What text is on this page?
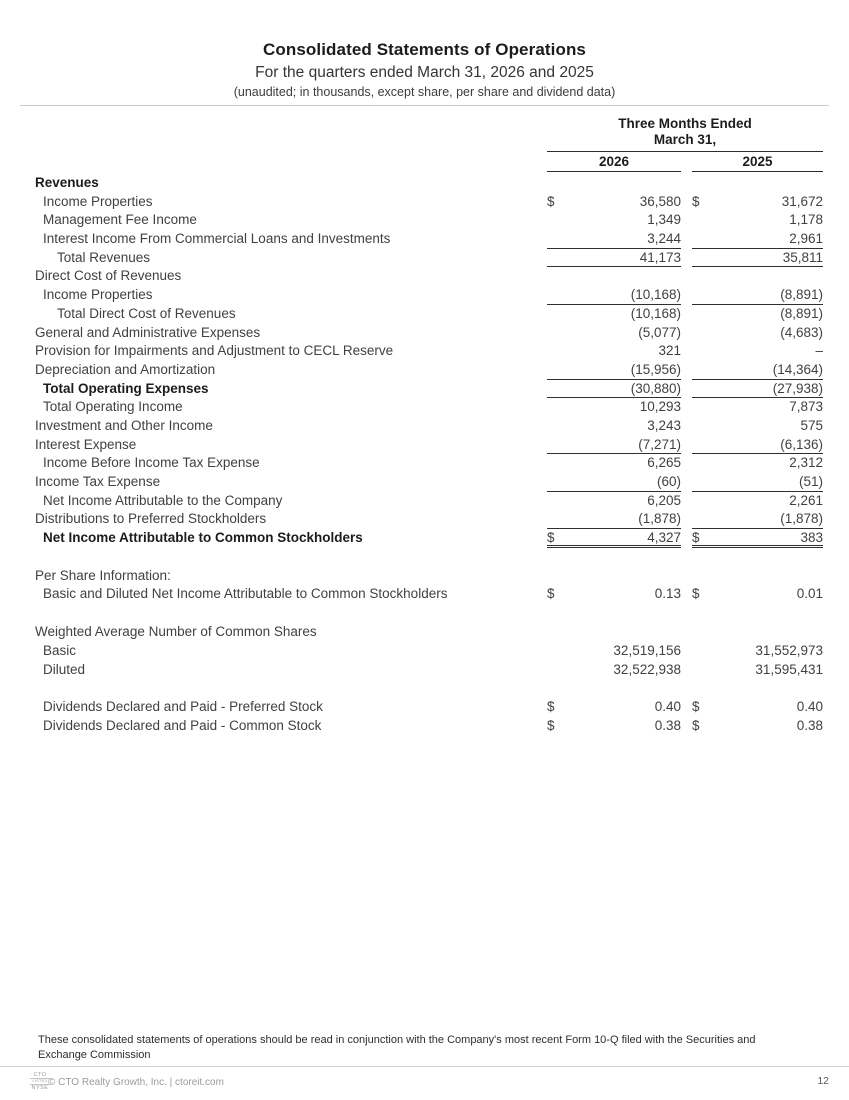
Consolidated Statements of Operations
For the quarters ended March 31, 2026 and 2025
(unaudited; in thousands, except share, per share and dividend data)
Three Months Ended
March 31,
2026	2025
Revenues
Income Properties	$	36,580 $	31,672
Management Fee Income	1,349	1,178
Interest Income From Commercial Loans and Investments	3,244	2,961
Total Revenues	41,173	35,811
Direct Cost of Revenues
Income Properties	(10,168)	(8,891)
Total Direct Cost of Revenues	(10,168)	(8,891)
General and Administrative Expenses	(5,077)	(4,683)
Provision for Impairments and Adjustment to CECL Reserve	321	–
Depreciation and Amortization	(15,956)	(14,364)
Total Operating Expenses	(30,880)	(27,938)
Total Operating Income	10,293	7,873
Investment and Other Income	3,243	575
Interest Expense	(7,271)	(6,136)
Income Before Income Tax Expense	6,265	2,312
Income Tax Expense	(60)	(51)
Net Income Attributable to the Company	6,205	2,261
Distributions to Preferred Stockholders	(1,878)	(1,878)
Net Income Attributable to Common Stockholders	$	4,327 $	383
Per Share Information:
Basic and Diluted Net Income Attributable to Common Stockholders	$	0.13 $	0.01
Weighted Average Number of Common Shares
Basic	32,519,156	31,552,973
Diluted	32,522,938	31,595,431
Dividends Declared and Paid - Preferred Stock	$	0.40 $	0.40
Dividends Declared and Paid - Common Stock	$	0.38 $	0.38
These consolidated statements of operations should be read in conjunction with the Company's most recent Form 10-Q filed with the Securities and Exchange Commission
CTO
LISTED
NYSE © CTO Realty Growth, Inc. | ctoreit.com	12
